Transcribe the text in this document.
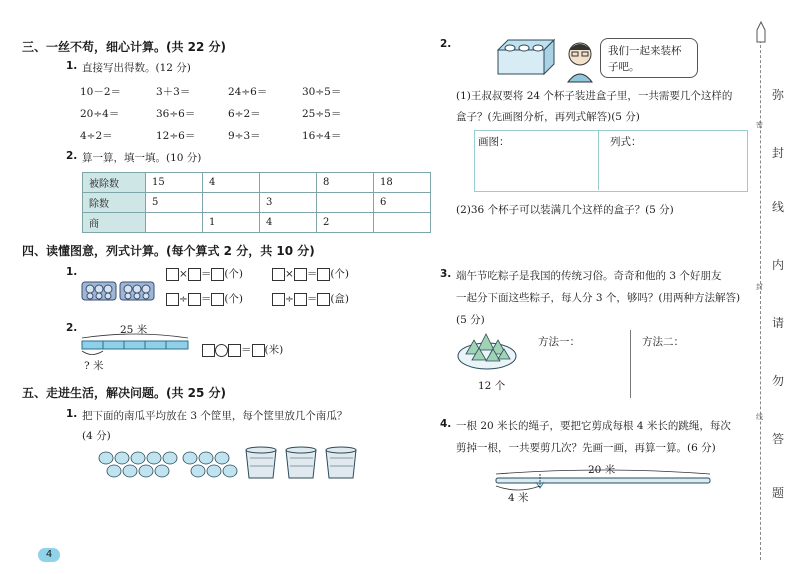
三、一丝不苟，细心计算。(共 22 分)
1. 直接写出得数。(12 分)
10－2＝	3＋3＝	24÷6＝	30÷5＝
20÷4＝	36÷6＝	6÷2＝	25÷5＝
4÷2＝	12÷6＝	9÷3＝	16÷4＝
2. 算一算，填一填。(10 分)
被除数	15	4		8	18
除数	5		3		6
商		1	4	2	
四、读懂图意，列式计算。(每个算式 2 分，共 10 分)
1.	× ＝ (个)	× ＝ (个)
÷ ＝ (个)	÷ ＝ (盒)
2.	25 米
? 米
＝ (米)
五、走进生活，解决问题。(共 25 分)
1. 把下面的南瓜平均放在 3 个筐里，每个筐里放几个南瓜？
(4 分)
4
2.
我们一起来装杯
子吧。
(1)王叔叔要将 24 个杯子装进盒子里，一共需要几个这样的
盒子？(先画图分析，再列式解答)(5 分)
画图：	列式：
(2)36 个杯子可以装满几个这样的盒子？(5 分)
3. 端午节吃粽子是我国的传统习俗。奇奇和他的 3 个好朋友
一起分下面这些粽子，每人分 3 个，够吗？(用两种方法解答)
(5 分)
12 个
方法一：	方法二：
4. 一根 20 米长的绳子，要把它剪成每根 4 米长的跳绳，每次
剪掉一根，一共要剪几次？先画一画，再算一算。(6 分)
20 米
4 米
弥
封
线
内
请
勿
答
题
密
封
线
